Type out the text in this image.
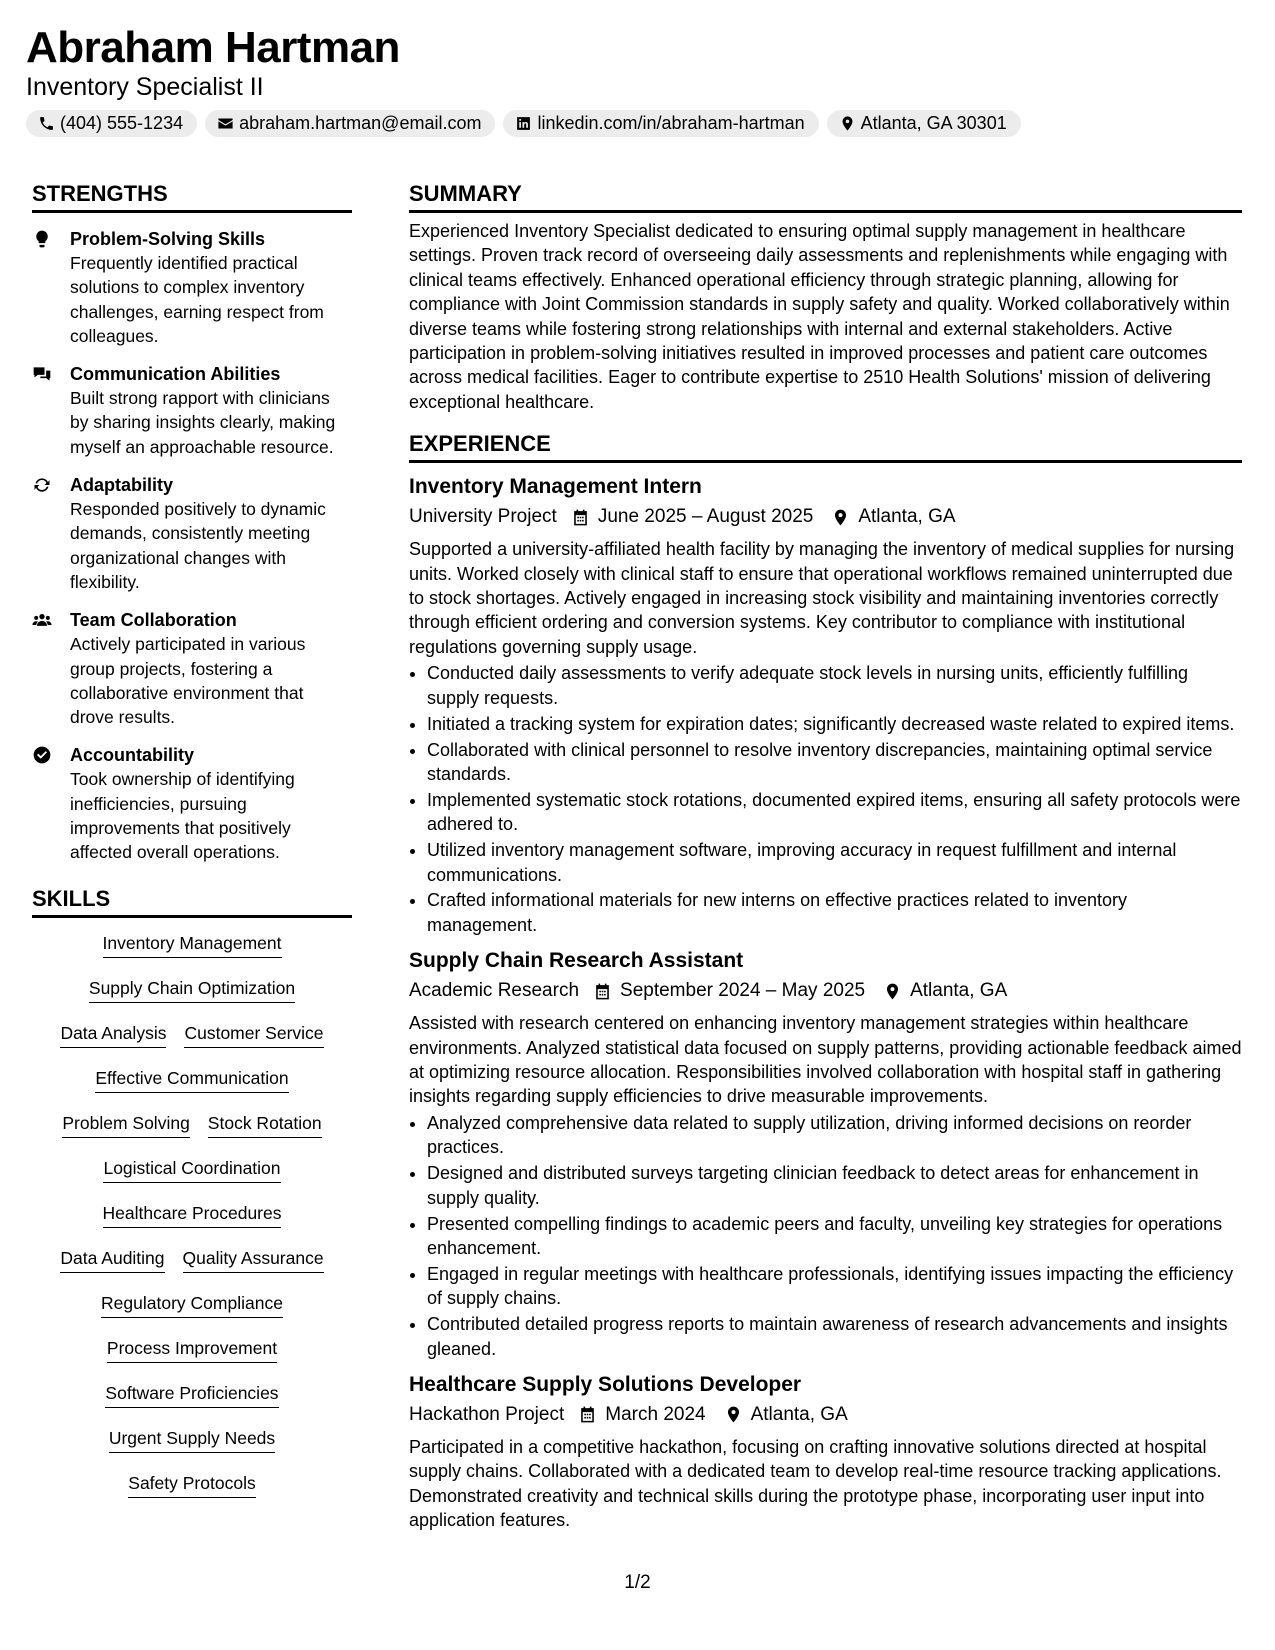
Abraham Hartman
Inventory Specialist II
(404) 555-1234	abraham.hartman@email.com	linkedin.com/in/abraham-hartman	Atlanta, GA 30301
STRENGTHS
Problem-Solving Skills
Frequently identified practical solutions to complex inventory challenges, earning respect from colleagues.
Communication Abilities
Built strong rapport with clinicians by sharing insights clearly, making myself an approachable resource.
Adaptability
Responded positively to dynamic demands, consistently meeting organizational changes with flexibility.
Team Collaboration
Actively participated in various group projects, fostering a collaborative environment that drove results.
Accountability
Took ownership of identifying inefficiencies, pursuing improvements that positively affected overall operations.
SKILLS
Inventory Management
Supply Chain Optimization
Data Analysis Customer Service
Effective Communication
Problem Solving Stock Rotation
Logistical Coordination
Healthcare Procedures
Data Auditing Quality Assurance
Regulatory Compliance
Process Improvement
Software Proficiencies
Urgent Supply Needs
Safety Protocols
SUMMARY
Experienced Inventory Specialist dedicated to ensuring optimal supply management in healthcare settings. Proven track record of overseeing daily assessments and replenishments while engaging with clinical teams effectively. Enhanced operational efficiency through strategic planning, allowing for compliance with Joint Commission standards in supply safety and quality. Worked collaboratively within diverse teams while fostering strong relationships with internal and external stakeholders. Active participation in problem-solving initiatives resulted in improved processes and patient care outcomes across medical facilities. Eager to contribute expertise to 2510 Health Solutions' mission of delivering exceptional healthcare.
EXPERIENCE
Inventory Management Intern
University Project June 2025 – August 2025 Atlanta, GA
Supported a university-affiliated health facility by managing the inventory of medical supplies for nursing units. Worked closely with clinical staff to ensure that operational workflows remained uninterrupted due to stock shortages. Actively engaged in increasing stock visibility and maintaining inventories correctly through efficient ordering and conversion systems. Key contributor to compliance with institutional regulations governing supply usage.
• Conducted daily assessments to verify adequate stock levels in nursing units, efficiently fulfilling supply requests.
• Initiated a tracking system for expiration dates; significantly decreased waste related to expired items.
• Collaborated with clinical personnel to resolve inventory discrepancies, maintaining optimal service standards.
• Implemented systematic stock rotations, documented expired items, ensuring all safety protocols were adhered to.
• Utilized inventory management software, improving accuracy in request fulfillment and internal communications.
• Crafted informational materials for new interns on effective practices related to inventory management.
Supply Chain Research Assistant
Academic Research September 2024 – May 2025 Atlanta, GA
Assisted with research centered on enhancing inventory management strategies within healthcare environments. Analyzed statistical data focused on supply patterns, providing actionable feedback aimed at optimizing resource allocation. Responsibilities involved collaboration with hospital staff in gathering insights regarding supply efficiencies to drive measurable improvements.
• Analyzed comprehensive data related to supply utilization, driving informed decisions on reorder practices.
• Designed and distributed surveys targeting clinician feedback to detect areas for enhancement in supply quality.
• Presented compelling findings to academic peers and faculty, unveiling key strategies for operations enhancement.
• Engaged in regular meetings with healthcare professionals, identifying issues impacting the efficiency of supply chains.
• Contributed detailed progress reports to maintain awareness of research advancements and insights gleaned.
Healthcare Supply Solutions Developer
Hackathon Project March 2024 Atlanta, GA
Participated in a competitive hackathon, focusing on crafting innovative solutions directed at hospital supply chains. Collaborated with a dedicated team to develop real-time resource tracking applications. Demonstrated creativity and technical skills during the prototype phase, incorporating user input into application features.
1/2
